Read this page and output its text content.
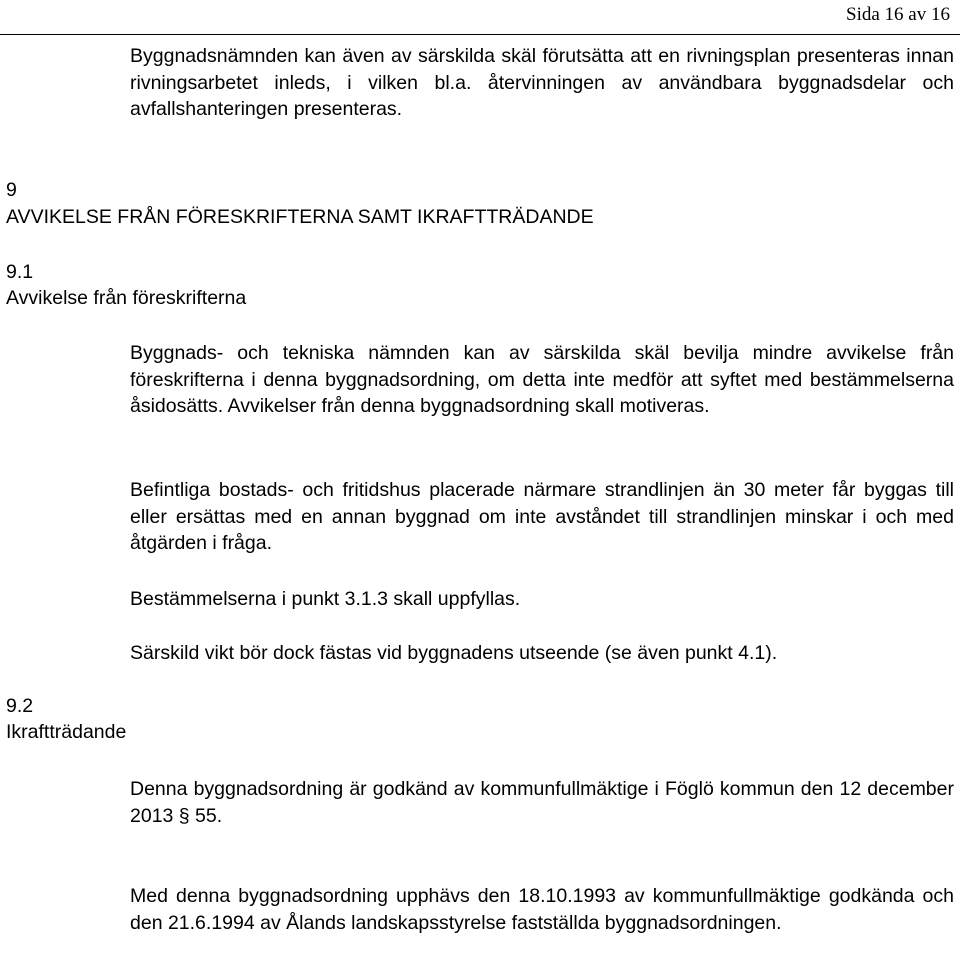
Sida 16 av 16

Byggnadsnämnden kan även av särskilda skäl förutsätta att en rivningsplan presenteras innan rivningsarbetet inleds, i vilken bl.a. återvinningen av användbara byggnadsdelar och avfallshanteringen presenteras.

9
AVVIKELSE FRÅN FÖRESKRIFTERNA SAMT IKRAFTTRÄDANDE
9.1
Avvikelse från föreskrifterna

Byggnads- och tekniska nämnden kan av särskilda skäl bevilja mindre avvikelse från föreskrifterna i denna byggnadsordning, om detta inte medför att syftet med bestämmelserna åsidosätts. Avvikelser från denna byggnadsordning skall motiveras.

Befintliga bostads- och fritidshus placerade närmare strandlinjen än 30 meter får byggas till eller ersättas med en annan byggnad om inte avståndet till strandlinjen minskar i och med åtgärden i fråga.

Bestämmelserna i punkt 3.1.3 skall uppfyllas.

Särskild vikt bör dock fästas vid byggnadens utseende (se även punkt 4.1).

9.2
Ikraftträdande

Denna byggnadsordning är godkänd av kommunfullmäktige i Föglö kommun den 12 december 2013 § 55.

Med denna byggnadsordning upphävs den 18.10.1993 av kommunfullmäktige godkända och den 21.6.1994 av Ålands landskapsstyrelse fastställda byggnadsordningen.
